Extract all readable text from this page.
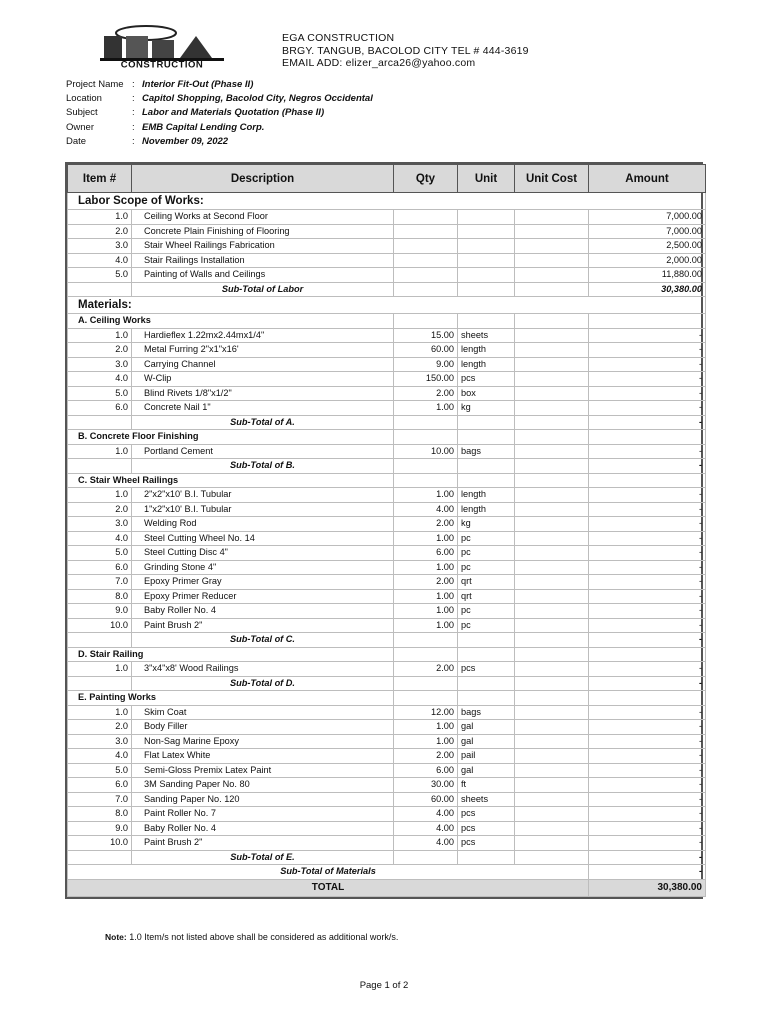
CONSTRUCTION
EGA CONSTRUCTION
BRGY. TANGUB, BACOLOD CITY TEL # 444-3619
EMAIL ADD: elizer_arca26@yahoo.com
Project Name : Interior Fit-Out (Phase II)
Location	: Capitol Shopping, Bacolod City, Negros Occidental
Subject	: Labor and Materials Quotation (Phase II)
Owner	: EMB Capital Lending Corp.
Date	: November 09, 2022
Item #	Description	Qty	Unit	Unit Cost	Amount
Labor Scope of Works:					
1.0	Ceiling Works at Second Floor				7,000.00
2.0	Concrete Plain Finishing of Flooring				7,000.00
3.0	Stair Wheel Railings Fabrication				2,500.00
4.0	Stair Railings Installation				2,000.00
5.0	Painting of Walls and Ceilings				11,880.00
	Sub-Total of Labor				30,380.00
Materials:					
A. Ceiling Works					
1.0	Hardieflex 1.22mx2.44mx1/4"	15.00	sheets		-
2.0	Metal Furring 2"x1"x16'	60.00	length		-
3.0	Carrying Channel	9.00	length		-
4.0	W-Clip	150.00	pcs		-
5.0	Blind Rivets 1/8"x1/2"	2.00	box		-
6.0	Concrete Nail 1"	1.00	kg		-
	Sub-Total of A.				-
B. Concrete Floor Finishing					
1.0	Portland Cement	10.00	bags		-
	Sub-Total of B.				-
C. Stair Wheel Railings					
1.0	2"x2"x10' B.I. Tubular	1.00	length		-
2.0	1"x2"x10' B.I. Tubular	4.00	length		-
3.0	Welding Rod	2.00	kg		-
4.0	Steel Cutting Wheel No. 14	1.00	pc		-
5.0	Steel Cutting Disc 4"	6.00	pc		-
6.0	Grinding Stone 4"	1.00	pc		-
7.0	Epoxy Primer Gray	2.00	qrt		-
8.0	Epoxy Primer Reducer	1.00	qrt		-
9.0	Baby Roller No. 4	1.00	pc		-
10.0	Paint Brush 2"	1.00	pc		-
	Sub-Total of C.				-
D. Stair Railing					
1.0	3"x4"x8' Wood Railings	2.00	pcs		-
	Sub-Total of D.				-
E. Painting Works					
1.0	Skim Coat	12.00	bags		-
2.0	Body Filler	1.00	gal		-
3.0	Non-Sag Marine Epoxy	1.00	gal		-
4.0	Flat Latex White	2.00	pail		-
5.0	Semi-Gloss Premix Latex Paint	6.00	gal		-
6.0	3M Sanding Paper No. 80	30.00	ft		-
7.0	Sanding Paper No. 120	60.00	sheets		-
8.0	Paint Roller No. 7	4.00	pcs		-
9.0	Baby Roller No. 4	4.00	pcs		-
10.0	Paint Brush 2"	4.00	pcs		-
	Sub-Total of E.				-
Sub-Total of Materials					-
TOTAL					30,380.00
Note: 1.0 Item/s not listed above shall be considered as additional work/s.
Page 1 of 2
